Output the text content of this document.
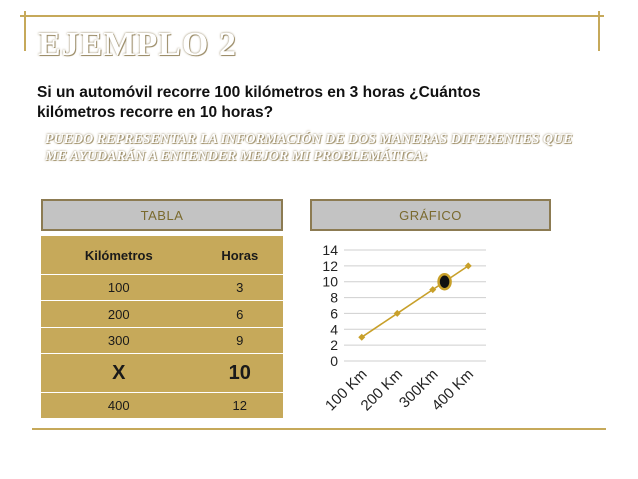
EJEMPLO 2
Si un automóvil recorre 100 kilómetros en 3 horas ¿Cuántos kilómetros recorre en 10 horas?
PUEDO REPRESENTAR LA INFORMACIÓN DE DOS MANERAS DIFERENTES QUE ME AYUDARÁN A ENTENDER MEJOR MI PROBLEMÁTICA:
TABLA	GRÁFICO
Kilómetros	Horas
100	3
200	6
300	9
X	10
400	12
0
2
4
6
8
10
12
14
100 Km
200 Km
300Km
400 Km
